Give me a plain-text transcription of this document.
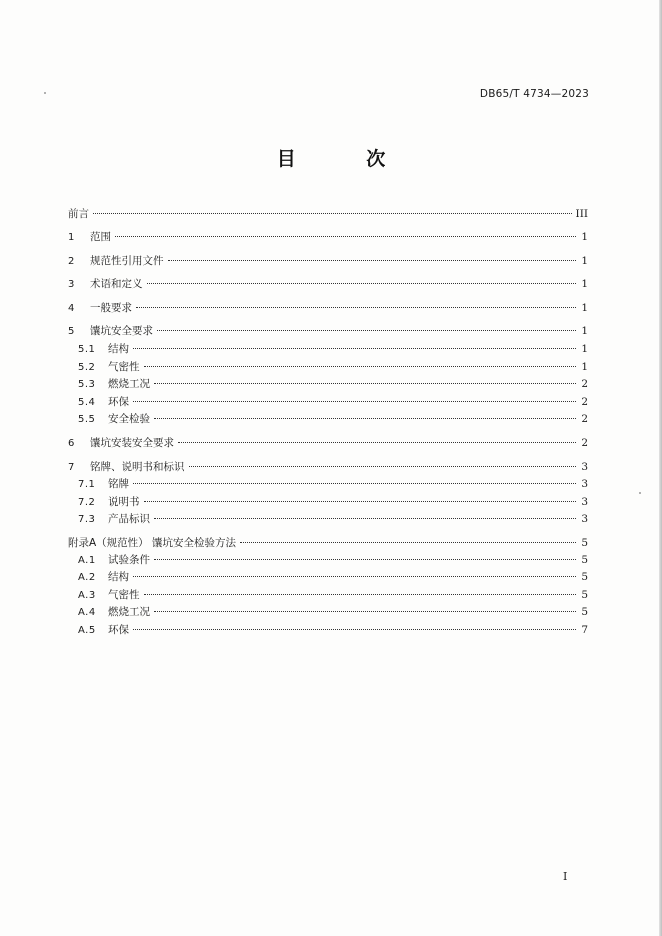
DB65/T 4734—2023
目 次
前言	III
1	范围	1
2	规范性引用文件	1
3	术语和定义	1
4	一般要求	1
5	馕坑安全要求	1
5.1	结构	1
5.2	气密性	1
5.3	燃烧工况	2
5.4	环保	2
5.5	安全检验	2
6	馕坑安装安全要求	2
7	铭牌、说明书和标识	3
7.1	铭牌	3
7.2	说明书	3
7.3	产品标识	3
附录A（规范性） 馕坑安全检验方法	5
A.1	试验条件	5
A.2	结构	5
A.3	气密性	5
A.4	燃烧工况	5
A.5	环保	7
I
